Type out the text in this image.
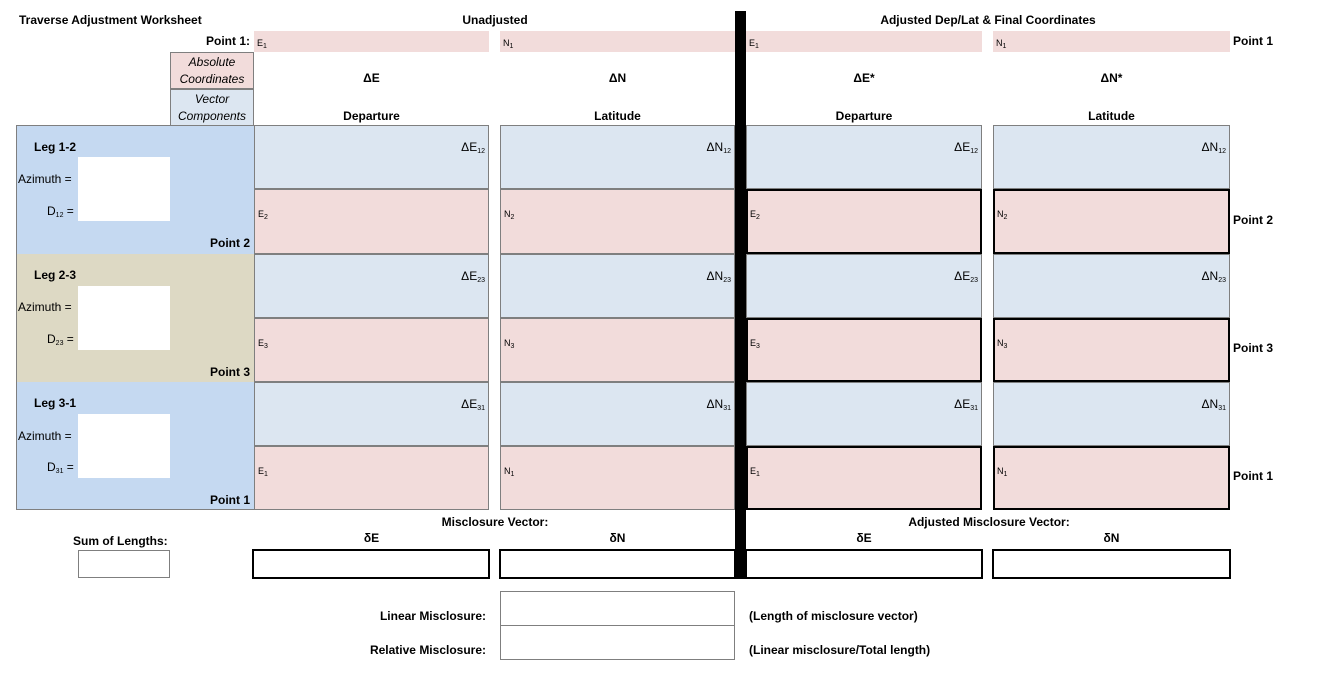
Traverse Adjustment Worksheet	Unadjusted	Adjusted Dep/Lat & Final Coordinates
Point 1: $E_1$	$N_1$	$E_1$	$N_1$	Point 1
Absolute Coordinates
Vector Components
ΔE	ΔN	ΔE*	ΔN*
Departure	Latitude	Departure	Latitude
Leg 1-2
Azimuth =
$D_{12}$ =
Point 2
$\Delta E_{12}$	$\Delta N_{12}$	$\Delta E_{12}$	$\Delta N_{12}$
$E_2$	$N_2$	$E_2$	$N_2$	Point 2
Leg 2-3
Azimuth =
$D_{23}$ =
Point 3
$\Delta E_{23}$	$\Delta N_{23}$	$\Delta E_{23}$	$\Delta N_{23}$
$E_3$	$N_3$	$E_3$	$N_3$	Point 3
Leg 3-1
Azimuth =
$D_{31}$ =
Point 1
$\Delta E_{31}$	$\Delta N_{31}$	$\Delta E_{31}$	$\Delta N_{31}$
$E_1$	$N_1$	$E_1$	$N_1$	Point 1
Misclosure Vector:	Adjusted Misclosure Vector:
Sum of Lengths:	δE	δN	δE	δN
Linear Misclosure:	(Length of misclosure vector)
Relative Misclosure:	(Linear misclosure/Total length)
